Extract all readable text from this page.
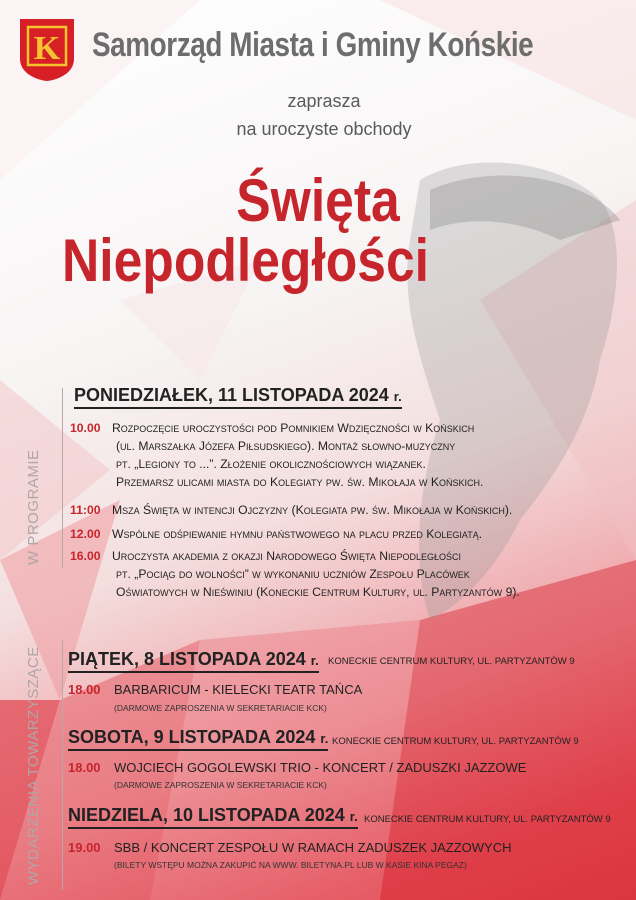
K Samorząd Miasta i Gminy Końskie
zaprasza
na uroczyste obchody
Święta
Niepodległości
W PROGRAMIE
WYDARZENIA TOWARZYSZĄCE
PONIEDZIAŁEK, 11 LISTOPADA 2024 r.
10.00 Rozpoczęcie uroczystości pod Pomnikiem Wdzięczności w Końskich
(ul. Marszałka Józefa Piłsudskiego). Montaż słowno-muzyczny
pt. „Legiony to ...”. Złożenie okolicznościowych wiązanek.
Przemarsz ulicami miasta do Kolegiaty pw. św. Mikołaja w Końskich.
11:00 Msza Święta w intencji Ojczyzny (Kolegiata pw. św. Mikołaja w Końskich).
12.00 Wspólne odśpiewanie hymnu państwowego na placu przed Kolegiatą.
16.00 Uroczysta akademia z okazji Narodowego Święta Niepodległości
pt. „Pociąg do wolności” w wykonaniu uczniów Zespołu Placówek
Oświatowych w Nieświniu (Koneckie Centrum Kultury, ul. Partyzantów 9).
PIĄTEK, 8 LISTOPADA 2024 r. KONECKIE CENTRUM KULTURY, UL. PARTYZANTÓW 9
18.00 BARBARICUM - KIELECKI TEATR TAŃCA
(DARMOWE ZAPROSZENIA W SEKRETARIACIE KCK)
SOBOTA, 9 LISTOPADA 2024 r. KONECKIE CENTRUM KULTURY, UL. PARTYZANTÓW 9
18.00 WOJCIECH GOGOLEWSKI TRIO - KONCERT / ZADUSZKI JAZZOWE
(DARMOWE ZAPROSZENIA W SEKRETARIACIE KCK)
NIEDZIELA, 10 LISTOPADA 2024 r. KONECKIE CENTRUM KULTURY, UL. PARTYZANTÓW 9
19.00 SBB / KONCERT ZESPOŁU W RAMACH ZADUSZEK JAZZOWYCH
(BILETY WSTĘPU MOŻNA ZAKUPIĆ NA WWW. BILETYNA.PL LUB W KASIE KINA PEGAZ)
